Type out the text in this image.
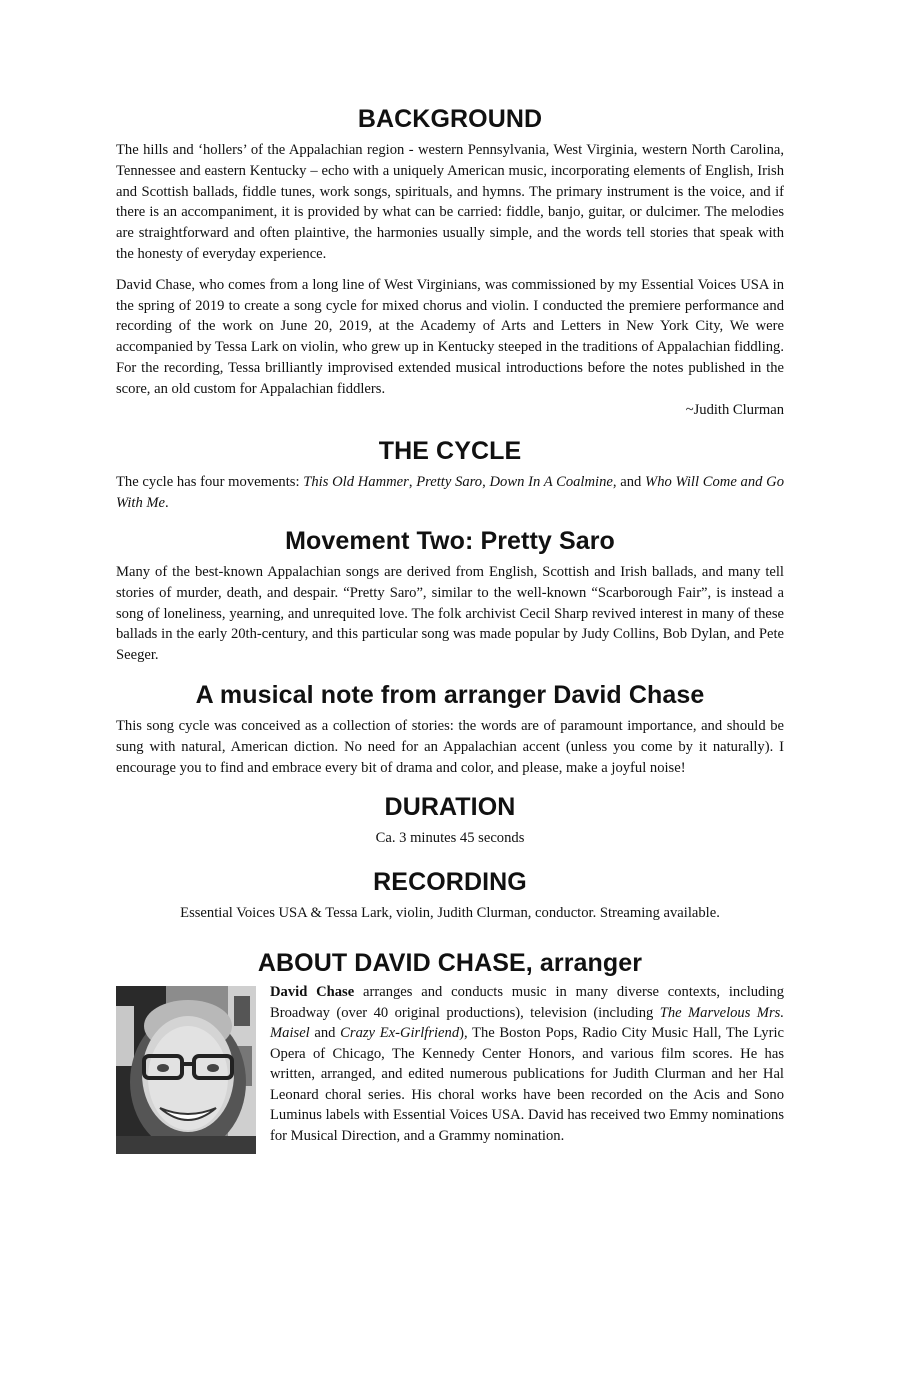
BACKGROUND

The hills and ‘hollers’ of the Appalachian region - western Pennsylvania, West Virginia, western North Carolina, Tennessee and eastern Kentucky – echo with a uniquely American music, incorporating elements of English, Irish and Scottish ballads, fiddle tunes, work songs, spirituals, and hymns. The primary instrument is the voice, and if there is an accompaniment, it is provided by what can be carried: fiddle, banjo, guitar, or dulcimer. The melodies are straightforward and often plaintive, the harmonies usually simple, and the words tell stories that speak with the honesty of everyday experience.

David Chase, who comes from a long line of West Virginians, was commissioned by my Essential Voices USA in the spring of 2019 to create a song cycle for mixed chorus and violin. I conducted the premiere performance and recording of the work on June 20, 2019, at the Academy of Arts and Letters in New York City, We were accompanied by Tessa Lark on violin, who grew up in Kentucky steeped in the traditions of Appalachian fiddling. For the recording, Tessa brilliantly improvised extended musical introductions before the notes published in the score, an old custom for Appalachian fiddlers.

~Judith Clurman
THE CYCLE

The cycle has four movements: This Old Hammer, Pretty Saro, Down In A Coalmine, and Who Will Come and Go With Me.

Movement Two: Pretty Saro

Many of the best-known Appalachian songs are derived from English, Scottish and Irish ballads, and many tell stories of murder, death, and despair. “Pretty Saro”, similar to the well-known “Scarborough Fair”, is instead a song of loneliness, yearning, and unrequited love. The folk archivist Cecil Sharp revived interest in many of these ballads in the early 20th-century, and this particular song was made popular by Judy Collins, Bob Dylan, and Pete Seeger.

A musical note from arranger David Chase

This song cycle was conceived as a collection of stories: the words are of paramount importance, and should be sung with natural, American diction. No need for an Appalachian accent (unless you come by it naturally). I encourage you to find and embrace every bit of drama and color, and please, make a joyful noise!

DURATION
Ca. 3 minutes 45 seconds
RECORDING
Essential Voices USA & Tessa Lark, violin, Judith Clurman, conductor. Streaming available.
ABOUT DAVID CHASE, arranger

David Chase arranges and conducts music in many diverse contexts, including Broadway (over 40 original productions), television (including The Marvelous Mrs. Maisel and Crazy Ex-Girlfriend), The Boston Pops, Radio City Music Hall, The Lyric Opera of Chicago, The Kennedy Center Honors, and various film scores. He has written, arranged, and edited numerous publications for Judith Clurman and her Hal Leonard choral series. His choral works have been recorded on the Acis and Sono Luminus labels with Essential Voices USA. David has received two Emmy nominations for Musical Direction, and a Grammy nomination.
